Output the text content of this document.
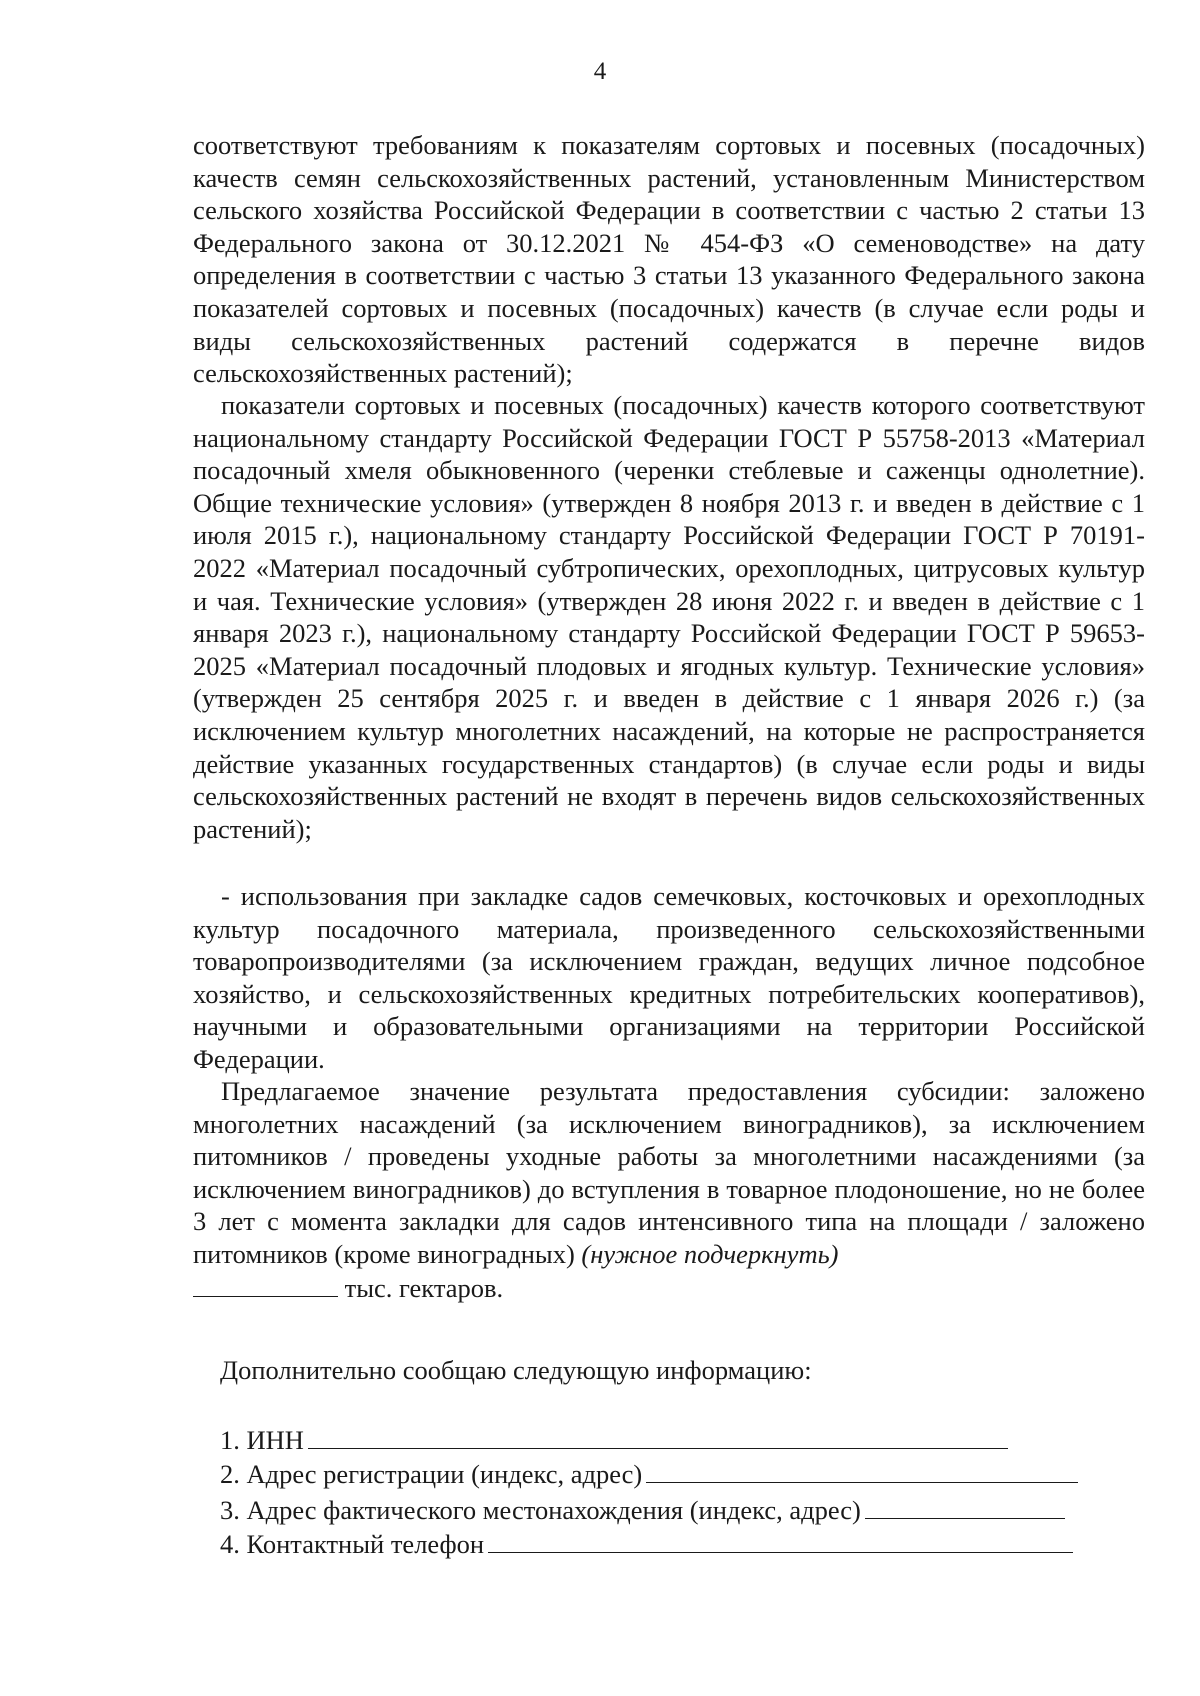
4

соответствуют требованиям к показателям сортовых и посевных (посадочных) качеств семян сельскохозяйственных растений, установленным Министерством сельского хозяйства Российской Федерации в соответствии с частью 2 статьи 13 Федерального закона от 30.12.2021 № 454-ФЗ «О семеноводстве» на дату определения в соответствии с частью 3 статьи 13 указанного Федерального закона показателей сортовых и посевных (посадочных) качеств (в случае если роды и виды сельскохозяйственных растений содержатся в перечне видов сельскохозяйственных растений);

показатели сортовых и посевных (посадочных) качеств которого соответствуют национальному стандарту Российской Федерации ГОСТ Р 55758-2013 «Материал посадочный хмеля обыкновенного (черенки стеблевые и саженцы однолетние). Общие технические условия» (утвержден 8 ноября 2013 г. и введен в действие с 1 июля 2015 г.), национальному стандарту Российской Федерации ГОСТ Р 70191-2022 «Материал посадочный субтропических, орехоплодных, цитрусовых культур и чая. Технические условия» (утвержден 28 июня 2022 г. и введен в действие с 1 января 2023 г.), национальному стандарту Российской Федерации ГОСТ Р 59653-2025 «Материал посадочный плодовых и ягодных культур. Технические условия» (утвержден 25 сентября 2025 г. и введен в действие с 1 января 2026 г.) (за исключением культур многолетних насаждений, на которые не распространяется действие указанных государственных стандартов) (в случае если роды и виды сельскохозяйственных растений не входят в перечень видов сельскохозяйственных растений);

- использования при закладке садов семечковых, косточковых и орехоплодных культур посадочного материала, произведенного сельскохозяйственными товаропроизводителями (за исключением граждан, ведущих личное подсобное хозяйство, и сельскохозяйственных кредитных потребительских кооперативов), научными и образовательными организациями на территории Российской Федерации.

Предлагаемое значение результата предоставления субсидии: заложено многолетних насаждений (за исключением виноградников), за исключением питомников / проведены уходные работы за многолетними насаждениями (за исключением виноградников) до вступления в товарное плодоношение, но не более 3 лет с момента закладки для садов интенсивного типа на площади / заложено питомников (кроме виноградных) (нужное подчеркнуть)

тыс. гектаров.
Дополнительно сообщаю следующую информацию:
1. ИНН
2. Адрес регистрации (индекс, адрес)
3. Адрес фактического местонахождения (индекс, адрес)
4. Контактный телефон
